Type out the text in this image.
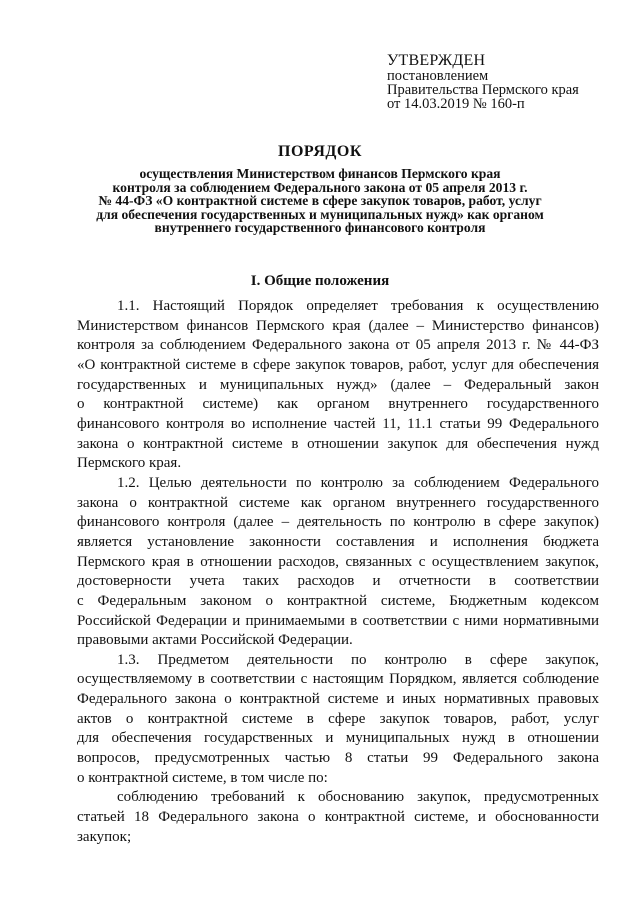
УТВЕРЖДЕН
постановлением
Правительства Пермского края
от 14.03.2019 № 160-п
ПОРЯДОК
осуществления Министерством финансов Пермского края
контроля за соблюдением Федерального закона от 05 апреля 2013 г.
№ 44-ФЗ «О контрактной системе в сфере закупок товаров, работ, услуг
для обеспечения государственных и муниципальных нужд» как органом
внутреннего государственного финансового контроля
I. Общие положения
1.1. Настоящий Порядок определяет требования к осуществлению
Министерством финансов Пермского края (далее – Министерство финансов)
контроля за соблюдением Федерального закона от 05 апреля 2013 г. № 44-ФЗ
«О контрактной системе в сфере закупок товаров, работ, услуг для обеспечения
государственных и муниципальных нужд» (далее – Федеральный закон
о контрактной системе) как органом внутреннего государственного
финансового контроля во исполнение частей 11, 11.1 статьи 99 Федерального
закона о контрактной системе в отношении закупок для обеспечения нужд
Пермского края.
1.2. Целью деятельности по контролю за соблюдением Федерального
закона о контрактной системе как органом внутреннего государственного
финансового контроля (далее – деятельность по контролю в сфере закупок)
является установление законности составления и исполнения бюджета
Пермского края в отношении расходов, связанных с осуществлением закупок,
достоверности учета таких расходов и отчетности в соответствии
с Федеральным законом о контрактной системе, Бюджетным кодексом
Российской Федерации и принимаемыми в соответствии с ними нормативными
правовыми актами Российской Федерации.
1.3. Предметом деятельности по контролю в сфере закупок,
осуществляемому в соответствии с настоящим Порядком, является соблюдение
Федерального закона о контрактной системе и иных нормативных правовых
актов о контрактной системе в сфере закупок товаров, работ, услуг
для обеспечения государственных и муниципальных нужд в отношении
вопросов, предусмотренных частью 8 статьи 99 Федерального закона
о контрактной системе, в том числе по:
соблюдению требований к обоснованию закупок, предусмотренных
статьей 18 Федерального закона о контрактной системе, и обоснованности
закупок;
